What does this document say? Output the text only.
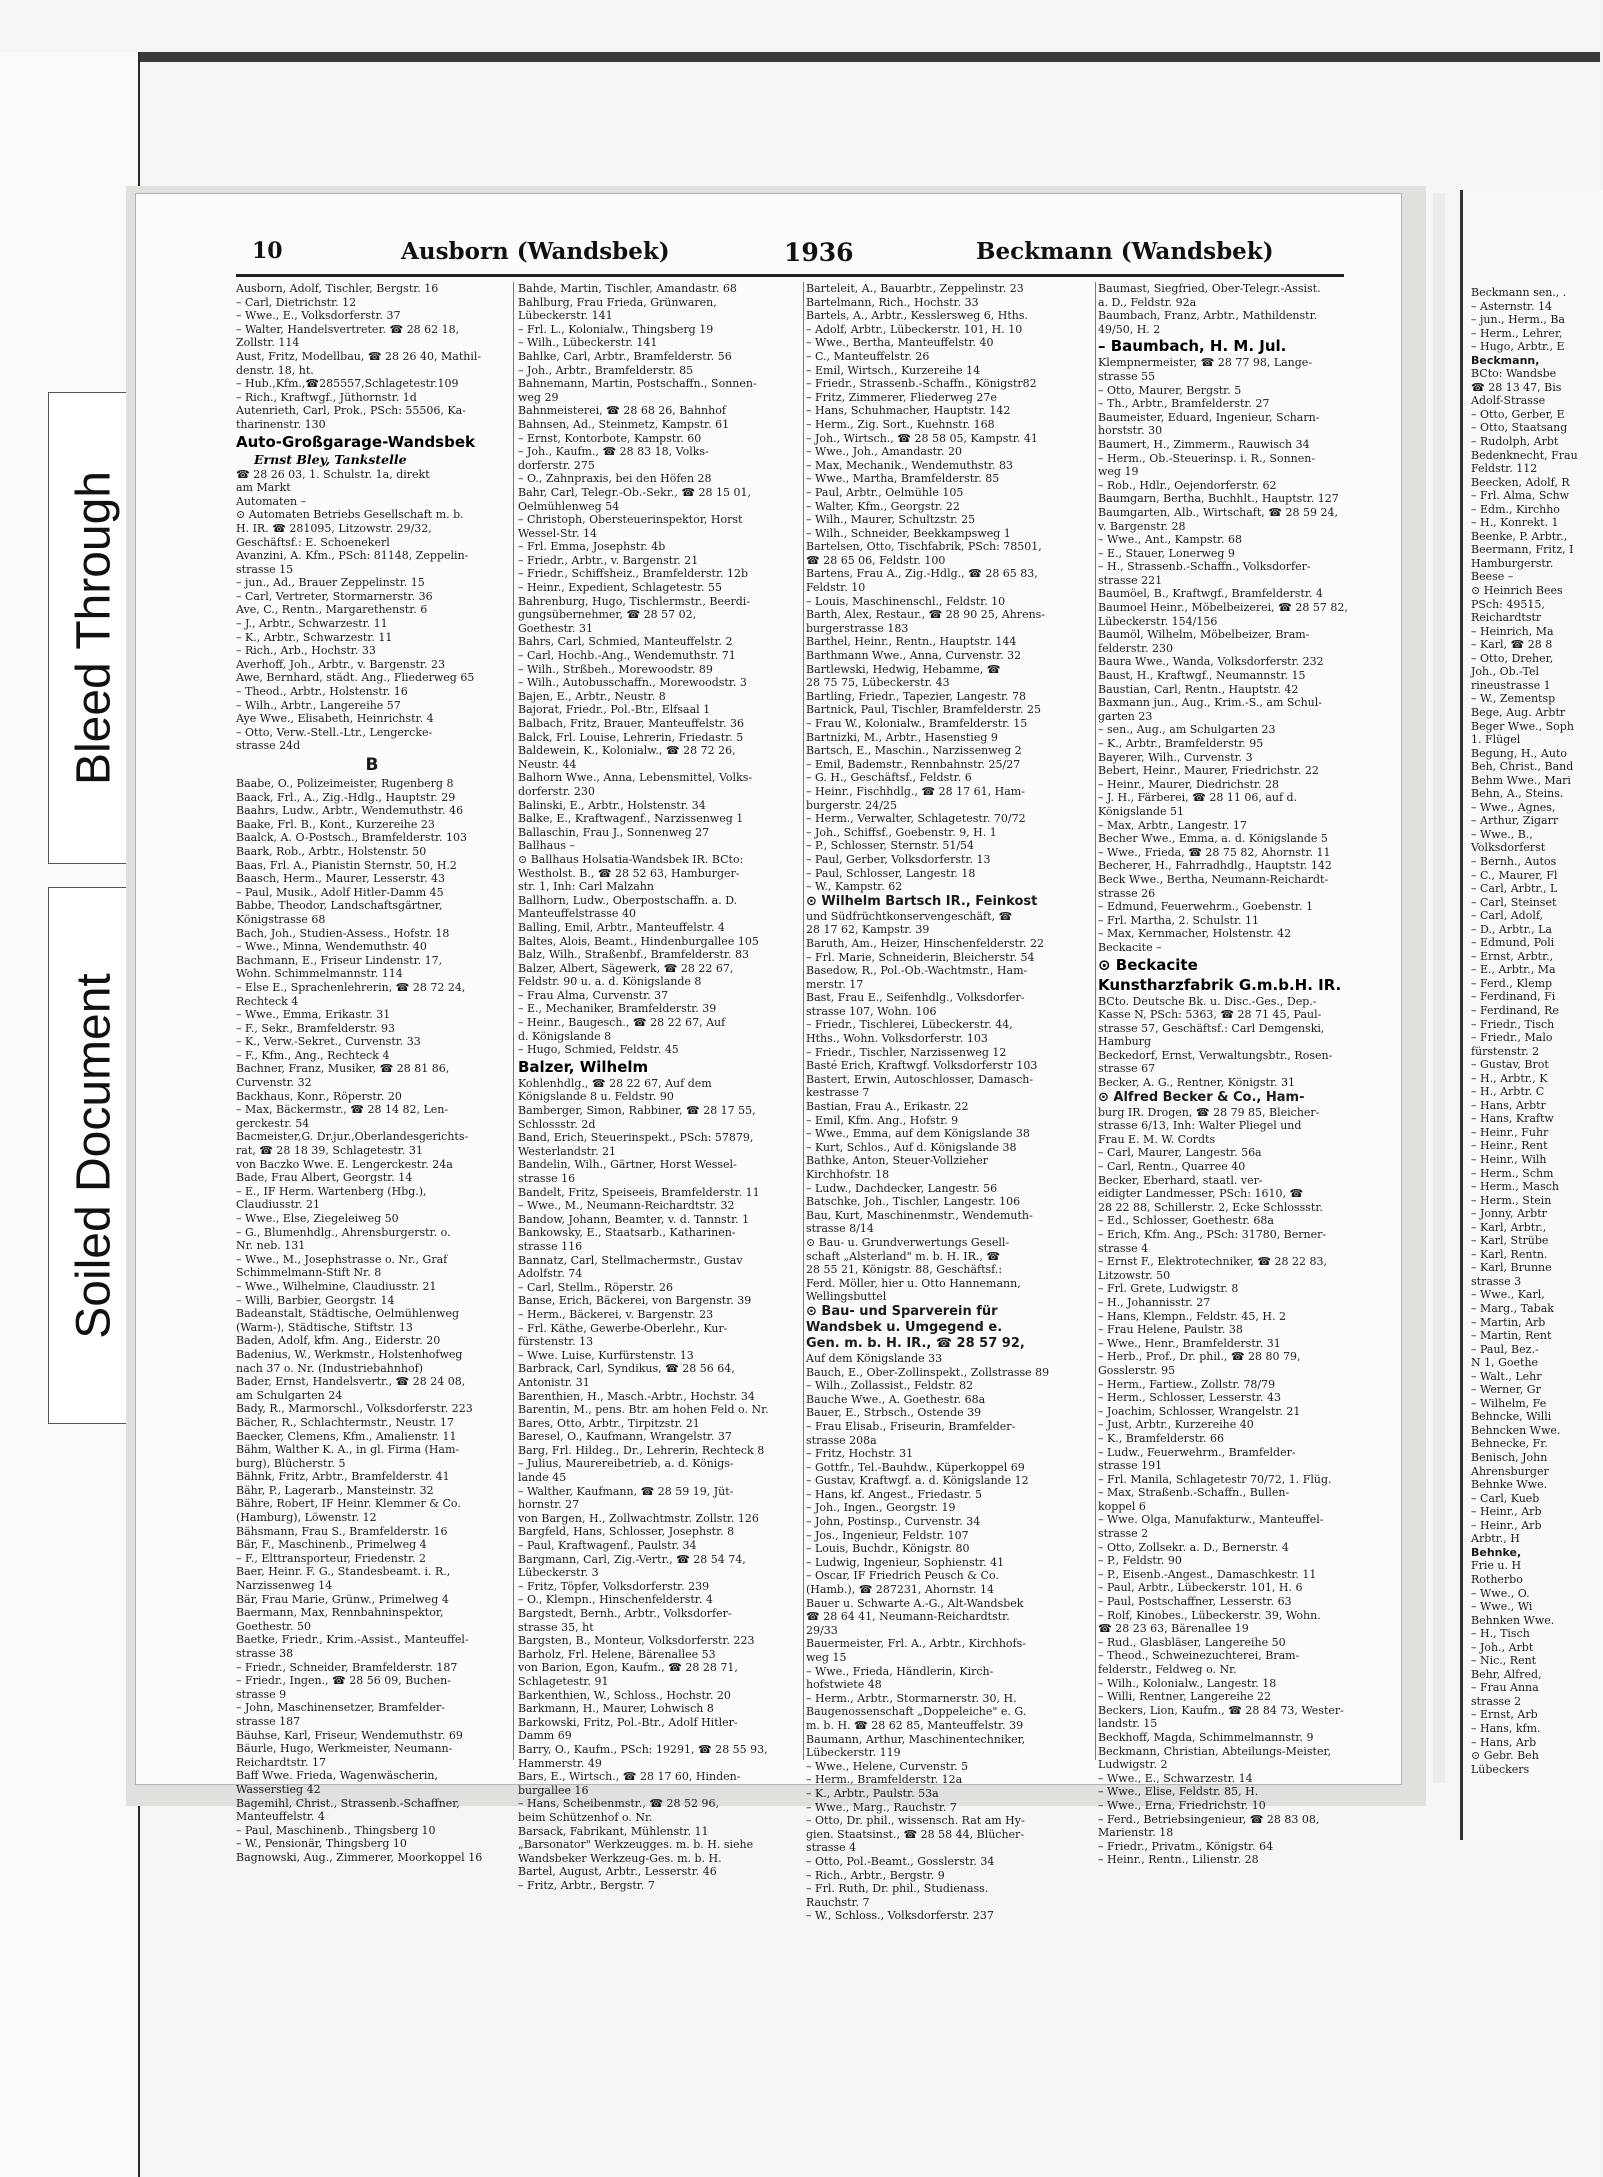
Bleed Through
Soiled Document
10	Ausborn (Wandsbek)	1936	Beckmann (Wandsbek)
Ausborn, Adolf, Tischler, Bergstr. 16
– Carl, Dietrichstr. 12
– Wwe., E., Volksdorferstr. 37
– Walter, Handelsvertreter. ☎ 28 62 18,
Zollstr. 114
Aust, Fritz, Modellbau, ☎ 28 26 40, Mathil-
denstr. 18, ht.
– Hub.,Kfm.,☎285557,Schlagetestr.109
– Rich., Kraftwgf., Jüthornstr. 1d
Autenrieth, Carl, Prok., PSch: 55506, Ka-
tharinenstr. 130
Auto-Großgarage-Wandsbek
Ernst Bley, Tankstelle
☎ 28 26 03, 1. Schulstr. 1a, direkt
am Markt
Automaten –
⊙ Automaten Betriebs Gesellschaft m. b.
H. IR. ☎ 281095, Litzowstr. 29/32,
Geschäftsf.: E. Schoenekerl
Avanzini, A. Kfm., PSch: 81148, Zeppelin-
strasse 15
– jun., Ad., Brauer Zeppelinstr. 15
– Carl, Vertreter, Stormarnerstr. 36
Ave, C., Rentn., Margarethenstr. 6
– J., Arbtr., Schwarzestr. 11
– K., Arbtr., Schwarzestr. 11
– Rich., Arb., Hochstr. 33
Averhoff, Joh., Arbtr., v. Bargenstr. 23
Awe, Bernhard, städt. Ang., Fliederweg 65
– Theod., Arbtr., Holstenstr. 16
– Wilh., Arbtr., Langereihe 57
Aye Wwe., Elisabeth, Heinrichstr. 4
– Otto, Verw.-Stell.-Ltr., Lengercke-
strasse 24d
B
Baabe, O., Polizeimeister, Rugenberg 8
Baack, Frl., A., Zig.-Hdlg., Hauptstr. 29
Baahrs, Ludw., Arbtr., Wendemuthstr. 46
Baake, Frl. B., Kont., Kurzereihe 23
Baalck, A. O-Postsch., Bramfelderstr. 103
Baark, Rob., Arbtr., Holstenstr. 50
Baas, Frl. A., Pianistin Sternstr. 50, H.2
Baasch, Herm., Maurer, Lesserstr. 43
– Paul, Musik., Adolf Hitler-Damm 45
Babbe, Theodor, Landschaftsgärtner,
Königstrasse 68
Bach, Joh., Studien-Assess., Hofstr. 18
– Wwe., Minna, Wendemuthstr. 40
Bachmann, E., Friseur Lindenstr. 17,
Wohn. Schimmelmannstr. 114
– Else E., Sprachenlehrerin, ☎ 28 72 24,
Rechteck 4
– Wwe., Emma, Erikastr. 31
– F., Sekr., Bramfelderstr. 93
– K., Verw.-Sekret., Curvenstr. 33
– F., Kfm., Ang., Rechteck 4
Bachner, Franz, Musiker, ☎ 28 81 86,
Curvenstr. 32
Backhaus, Konr., Röperstr. 20
– Max, Bäckermstr., ☎ 28 14 82, Len-
gerckestr. 54
Bacmeister,G. Dr.jur.,Oberlandesgerichts-
rat, ☎ 28 18 39, Schlagetestr. 31
von Baczko Wwe. E. Lengerckestr. 24a
Bade, Frau Albert, Georgstr. 14
– E., IF Herm. Wartenberg (Hbg.),
Claudiusstr. 21
– Wwe., Else, Ziegeleiweg 50
– G., Blumenhdlg., Ahrensburgerstr. o.
Nr. neb. 131
– Wwe., M., Josephstrasse o. Nr., Graf
Schimmelmann-Stift Nr. 8
– Wwe., Wilhelmine, Claudiusstr. 21
– Willi, Barbier, Georgstr. 14
Badeanstalt, Städtische, Oelmühlenweg
(Warm-), Städtische, Stiftstr. 13
Baden, Adolf, kfm. Ang., Eiderstr. 20
Badenius, W., Werkmstr., Holstenhofweg
nach 37 o. Nr. (Industriebahnhof)
Bader, Ernst, Handelsvertr., ☎ 28 24 08,
am Schulgarten 24
Bady, R., Marmorschl., Volksdorferstr. 223
Bächer, R., Schlachtermstr., Neustr. 17
Baecker, Clemens, Kfm., Amalienstr. 11
Bähm, Walther K. A., in gl. Firma (Ham-
burg), Blücherstr. 5
Bähnk, Fritz, Arbtr., Bramfelderstr. 41
Bähr, P., Lagerarb., Mansteinstr. 32
Bähre, Robert, IF Heinr. Klemmer & Co.
(Hamburg), Löwenstr. 12
Bähsmann, Frau S., Bramfelderstr. 16
Bär, F., Maschinenb., Primelweg 4
– F., Elttransporteur, Friedenstr. 2
Baer, Heinr. F. G., Standesbeamt. i. R.,
Narzissenweg 14
Bär, Frau Marie, Grünw., Primelweg 4
Baermann, Max, Rennbahninspektor,
Goethestr. 50
Baetke, Friedr., Krim.-Assist., Manteuffel-
strasse 38
– Friedr., Schneider, Bramfelderstr. 187
– Friedr., Ingen., ☎ 28 56 09, Buchen-
strasse 9
– John, Maschinensetzer, Bramfelder-
strasse 187
Bäuhse, Karl, Friseur, Wendemuthstr. 69
Bäurle, Hugo, Werkmeister, Neumann-
Reichardtstr. 17
Baff Wwe. Frieda, Wagenwäscherin,
Wasserstieg 42
Bagemihl, Christ., Strassenb.-Schaffner,
Manteuffelstr. 4
– Paul, Maschinenb., Thingsberg 10
– W., Pensionär, Thingsberg 10
Bagnowski, Aug., Zimmerer, Moorkoppel 16
Bahde, Martin, Tischler, Amandastr. 68
Bahlburg, Frau Frieda, Grünwaren,
Lübeckerstr. 141
– Frl. L., Kolonialw., Thingsberg 19
– Wilh., Lübeckerstr. 141
Bahlke, Carl, Arbtr., Bramfelderstr. 56
– Joh., Arbtr., Bramfelderstr. 85
Bahnemann, Martin, Postschaffn., Sonnen-
weg 29
Bahnmeisterei, ☎ 28 68 26, Bahnhof
Bahnsen, Ad., Steinmetz, Kampstr. 61
– Ernst, Kontorbote, Kampstr. 60
– Joh., Kaufm., ☎ 28 83 18, Volks-
dorferstr. 275
– O., Zahnpraxis, bei den Höfen 28
Bahr, Carl, Telegr.-Ob.-Sekr., ☎ 28 15 01,
Oelmühlenweg 54
– Christoph, Obersteuerinspektor, Horst
Wessel-Str. 14
– Frl. Emma, Josephstr. 4b
– Friedr., Arbtr., v. Bargenstr. 21
– Friedr., Schiffsheiz., Bramfelderstr. 12b
– Heinr., Expedient, Schlagetestr. 55
Bahrenburg, Hugo, Tischlermstr., Beerdi-
gungsübernehmer, ☎ 28 57 02,
Goethestr. 31
Bahrs, Carl, Schmied, Manteuffelstr. 2
– Carl, Hochb.-Ang., Wendemuthstr. 71
– Wilh., Strßbeh., Morewoodstr. 89
– Wilh., Autobusschaffn., Morewoodstr. 3
Bajen, E., Arbtr., Neustr. 8
Bajorat, Friedr., Pol.-Btr., Elfsaal 1
Balbach, Fritz, Brauer, Manteuffelstr. 36
Balck, Frl. Louise, Lehrerin, Friedastr. 5
Baldewein, K., Kolonialw., ☎ 28 72 26,
Neustr. 44
Balhorn Wwe., Anna, Lebensmittel, Volks-
dorferstr. 230
Balinski, E., Arbtr., Holstenstr. 34
Balke, E., Kraftwagenf., Narzissenweg 1
Ballaschin, Frau J., Sonnenweg 27
Ballhaus –
⊙ Ballhaus Holsatia-Wandsbek IR. BCto:
Westholst. B., ☎ 28 52 63, Hamburger-
str. 1, Inh: Carl Malzahn
Ballhorn, Ludw., Oberpostschaffn. a. D.
Manteuffelstrasse 40
Balling, Emil, Arbtr., Manteuffelstr. 4
Baltes, Alois, Beamt., Hindenburgallee 105
Balz, Wilh., Straßenbf., Bramfelderstr. 83
Balzer, Albert, Sägewerk, ☎ 28 22 67,
Feldstr. 90 u. a. d. Königslande 8
– Frau Alma, Curvenstr. 37
– E., Mechaniker, Bramfelderstr. 39
– Heinr., Baugesch., ☎ 28 22 67, Auf
d. Königslande 8
– Hugo, Schmied, Feldstr. 45
Balzer, Wilhelm
Kohlenhdlg., ☎ 28 22 67, Auf dem
Königslande 8 u. Feldstr. 90
Bamberger, Simon, Rabbiner, ☎ 28 17 55,
Schlossstr. 2d
Band, Erich, Steuerinspekt., PSch: 57879,
Westerlandstr. 21
Bandelin, Wilh., Gärtner, Horst Wessel-
strasse 16
Bandelt, Fritz, Speiseeis, Bramfelderstr. 11
– Wwe., M., Neumann-Reichardtstr. 32
Bandow, Johann, Beamter, v. d. Tannstr. 1
Bankowsky, E., Staatsarb., Katharinen-
strasse 116
Bannatz, Carl, Stellmachermstr., Gustav
Adolfstr. 74
– Carl, Stellm., Röperstr. 26
Banse, Erich, Bäckerei, von Bargenstr. 39
– Herm., Bäckerei, v. Bargenstr. 23
– Frl. Käthe, Gewerbe-Oberlehr., Kur-
fürstenstr. 13
– Wwe. Luise, Kurfürstenstr. 13
Barbrack, Carl, Syndikus, ☎ 28 56 64,
Antonistr. 31
Barenthien, H., Masch.-Arbtr., Hochstr. 34
Barentin, M., pens. Btr. am hohen Feld o. Nr.
Bares, Otto, Arbtr., Tirpitzstr. 21
Baresel, O., Kaufmann, Wrangelstr. 37
Barg, Frl. Hildeg., Dr., Lehrerin, Rechteck 8
– Julius, Maurereibetrieb, a. d. Königs-
lande 45
– Walther, Kaufmann, ☎ 28 59 19, Jüt-
hornstr. 27
von Bargen, H., Zollwachtmstr. Zollstr. 126
Bargfeld, Hans, Schlosser, Josephstr. 8
– Paul, Kraftwagenf., Paulstr. 34
Bargmann, Carl, Zig.-Vertr., ☎ 28 54 74,
Lübeckerstr. 3
– Fritz, Töpfer, Volksdorferstr. 239
– O., Klempn., Hinschenfelderstr. 4
Bargstedt, Bernh., Arbtr., Volksdorfer-
strasse 35, ht
Bargsten, B., Monteur, Volksdorferstr. 223
Barholz, Frl. Helene, Bärenallee 53
von Barion, Egon, Kaufm., ☎ 28 28 71,
Schlagetestr. 91
Barkenthien, W., Schloss., Hochstr. 20
Barkmann, H., Maurer, Lohwisch 8
Barkowski, Fritz, Pol.-Btr., Adolf Hitler-
Damm 69
Barry, O., Kaufm., PSch: 19291, ☎ 28 55 93,
Hammerstr. 49
Bars, E., Wirtsch., ☎ 28 17 60, Hinden-
burgallee 16
– Hans, Scheibenmstr., ☎ 28 52 96,
beim Schützenhof o. Nr.
Barsack, Fabrikant, Mühlenstr. 11
„Barsonator" Werkzeugges. m. b. H. siehe
Wandsbeker Werkzeug-Ges. m. b. H.
Bartel, August, Arbtr., Lesserstr. 46
– Fritz, Arbtr., Bergstr. 7
Barteleit, A., Bauarbtr., Zeppelinstr. 23
Bartelmann, Rich., Hochstr. 33
Bartels, A., Arbtr., Kesslersweg 6, Hths.
– Adolf, Arbtr., Lübeckerstr. 101, H. 10
– Wwe., Bertha, Manteuffelstr. 40
– C., Manteuffelstr. 26
– Emil, Wirtsch., Kurzereihe 14
– Friedr., Strassenb.-Schaffn., Königstr82
– Fritz, Zimmerer, Fliederweg 27e
– Hans, Schuhmacher, Hauptstr. 142
– Herm., Zig. Sort., Kuehnstr. 168
– Joh., Wirtsch., ☎ 28 58 05, Kampstr. 41
– Wwe., Joh., Amandastr. 20
– Max, Mechanik., Wendemuthstr. 83
– Wwe., Martha, Bramfelderstr. 85
– Paul, Arbtr., Oelmühle 105
– Walter, Kfm., Georgstr. 22
– Wilh., Maurer, Schultzstr. 25
– Wilh., Schneider, Beekkampsweg 1
Bartelsen, Otto, Tischfabrik, PSch: 78501,
☎ 28 65 06, Feldstr. 100
Bartens, Frau A., Zig.-Hdlg., ☎ 28 65 83,
Feldstr. 10
– Louis, Maschinenschl., Feldstr. 10
Barth, Alex, Restaur., ☎ 28 90 25, Ahrens-
burgerstrasse 183
Barthel, Heinr., Rentn., Hauptstr. 144
Barthmann Wwe., Anna, Curvenstr. 32
Bartlewski, Hedwig, Hebamme, ☎
28 75 75, Lübeckerstr. 43
Bartling, Friedr., Tapezier, Langestr. 78
Bartnick, Paul, Tischler, Bramfelderstr. 25
– Frau W., Kolonialw., Bramfelderstr. 15
Bartnizki, M., Arbtr., Hasenstieg 9
Bartsch, E., Maschin., Narzissenweg 2
– Emil, Bademstr., Rennbahnstr. 25/27
– G. H., Geschäftsf., Feldstr. 6
– Heinr., Fischhdlg., ☎ 28 17 61, Ham-
burgerstr. 24/25
– Herm., Verwalter, Schlagetestr. 70/72
– Joh., Schiffsf., Goebenstr. 9, H. 1
– P., Schlosser, Sternstr. 51/54
– Paul, Gerber, Volksdorferstr. 13
– Paul, Schlosser, Langestr. 18
– W., Kampstr. 62
⊙ Wilhelm Bartsch IR., Feinkost
und Südfrüchtkonservengeschäft, ☎
28 17 62, Kampstr. 39
Baruth, Am., Heizer, Hinschenfelderstr. 22
– Frl. Marie, Schneiderin, Bleicherstr. 54
Basedow, R., Pol.-Ob.-Wachtmstr., Ham-
merstr. 17
Bast, Frau E., Seifenhdlg., Volksdorfer-
strasse 107, Wohn. 106
– Friedr., Tischlerei, Lübeckerstr. 44,
Hths., Wohn. Volksdorferstr. 103
– Friedr., Tischler, Narzissenweg 12
Basté Erich, Kraftwgf. Volksdorferstr 103
Bastert, Erwin, Autoschlosser, Damasch-
kestrasse 7
Bastian, Frau A., Erikastr. 22
– Emil, Kfm. Ang., Hofstr. 9
– Wwe., Emma, auf dem Königslande 38
– Kurt, Schlos., Auf d. Königslande 38
Bathke, Anton, Steuer-Vollzieher
Kirchhofstr. 18
– Ludw., Dachdecker, Langestr. 56
Batschke, Joh., Tischler, Langestr. 106
Bau, Kurt, Maschinenmstr., Wendemuth-
strasse 8/14
⊙ Bau- u. Grundverwertungs Gesell-
schaft „Alsterland" m. b. H. IR., ☎
28 55 21, Königstr. 88, Geschäftsf.:
Ferd. Möller, hier u. Otto Hannemann,
Wellingsbuttel
⊙ Bau- und Sparverein für
Wandsbek u. Umgegend e.
Gen. m. b. H. IR., ☎ 28 57 92,
Auf dem Königslande 33
Bauch, E., Ober-Zollinspekt., Zollstrasse 89
– Wilh., Zollassist., Feldstr. 82
Bauche Wwe., A. Goethestr. 68a
Bauer, E., Strbsch., Ostende 39
– Frau Elisab., Friseurin, Bramfelder-
strasse 208a
– Fritz, Hochstr. 31
– Gottfr., Tel.-Bauhdw., Küperkoppel 69
– Gustav, Kraftwgf. a. d. Königslande 12
– Hans, kf. Angest., Friedastr. 5
– Joh., Ingen., Georgstr. 19
– John, Postinsp., Curvenstr. 34
– Jos., Ingenieur, Feldstr. 107
– Louis, Buchdr., Königstr. 80
– Ludwig, Ingenieur, Sophienstr. 41
– Oscar, IF Friedrich Peusch & Co.
(Hamb.), ☎ 287231, Ahornstr. 14
Bauer u. Schwarte A.-G., Alt-Wandsbek
☎ 28 64 41, Neumann-Reichardtstr.
29/33
Bauermeister, Frl. A., Arbtr., Kirchhofs-
weg 15
– Wwe., Frieda, Händlerin, Kirch-
hofstwiete 48
– Herm., Arbtr., Stormarnerstr. 30, H.
Baugenossenschaft „Doppeleiche" e. G.
m. b. H. ☎ 28 62 85, Manteuffelstr. 39
Baumann, Arthur, Maschinentechniker,
Lübeckerstr. 119
– Wwe., Helene, Curvenstr. 5
– Herm., Bramfelderstr. 12a
– K., Arbtr., Paulstr. 53a
– Wwe., Marg., Rauchstr. 7
– Otto, Dr. phil., wissensch. Rat am Hy-
gien. Staatsinst., ☎ 28 58 44, Blücher-
strasse 4
– Otto, Pol.-Beamt., Gosslerstr. 34
– Rich., Arbtr., Bergstr. 9
– Frl. Ruth, Dr. phil., Studienass.
Rauchstr. 7
– W., Schloss., Volksdorferstr. 237
Baumast, Siegfried, Ober-Telegr.-Assist.
a. D., Feldstr. 92a
Baumbach, Franz, Arbtr., Mathildenstr.
49/50, H. 2
– Baumbach, H. M. Jul.
Klempnermeister, ☎ 28 77 98, Lange-
strasse 55
– Otto, Maurer, Bergstr. 5
– Th., Arbtr., Bramfelderstr. 27
Baumeister, Eduard, Ingenieur, Scharn-
horststr. 30
Baumert, H., Zimmerm., Rauwisch 34
– Herm., Ob.-Steuerinsp. i. R., Sonnen-
weg 19
– Rob., Hdlr., Oejendorferstr. 62
Baumgarn, Bertha, Buchhlt., Hauptstr. 127
Baumgarten, Alb., Wirtschaft, ☎ 28 59 24,
v. Bargenstr. 28
– Wwe., Ant., Kampstr. 68
– E., Stauer, Lonerweg 9
– H., Strassenb.-Schaffn., Volksdorfer-
strasse 221
Baumöel, B., Kraftwgf., Bramfelderstr. 4
Baumoel Heinr., Möbelbeizerei, ☎ 28 57 82,
Lübeckerstr. 154/156
Baumöl, Wilhelm, Möbelbeizer, Bram-
felderstr. 230
Baura Wwe., Wanda, Volksdorferstr. 232
Baust, H., Kraftwgf., Neumannstr. 15
Baustian, Carl, Rentn., Hauptstr. 42
Baxmann jun., Aug., Krim.-S., am Schul-
garten 23
– sen., Aug., am Schulgarten 23
– K., Arbtr., Bramfelderstr. 95
Bayerer, Wilh., Curvenstr. 3
Bebert, Heinr., Maurer, Friedrichstr. 22
– Heinr., Maurer, Diedrichstr. 28
– J. H., Färberei, ☎ 28 11 06, auf d.
Königslande 51
– Max, Arbtr., Langestr. 17
Becher Wwe., Emma, a. d. Königslande 5
– Wwe., Frieda, ☎ 28 75 82, Ahornstr. 11
Becherer, H., Fahrradhdlg., Hauptstr. 142
Beck Wwe., Bertha, Neumann-Reichardt-
strasse 26
– Edmund, Feuerwehrm., Goebenstr. 1
– Frl. Martha, 2. Schulstr. 11
– Max, Kernmacher, Holstenstr. 42
Beckacite –
⊙ Beckacite
Kunstharzfabrik G.m.b.H. IR.
BCto. Deutsche Bk. u. Disc.-Ges., Dep.-
Kasse N, PSch: 5363, ☎ 28 71 45, Paul-
strasse 57, Geschäftsf.: Carl Demgenski,
Hamburg
Beckedorf, Ernst, Verwaltungsbtr., Rosen-
strasse 67
Becker, A. G., Rentner, Königstr. 31
⊙ Alfred Becker & Co., Ham-
burg IR. Drogen, ☎ 28 79 85, Bleicher-
strasse 6/13, Inh: Walter Pliegel und
Frau E. M. W. Cordts
– Carl, Maurer, Langestr. 56a
– Carl, Rentn., Quarree 40
Becker, Eberhard, staatl. ver-
eidigter Landmesser, PSch: 1610, ☎
28 22 88, Schillerstr. 2, Ecke Schlossstr.
– Ed., Schlosser, Goethestr. 68a
– Erich, Kfm. Ang., PSch: 31780, Berner-
strasse 4
– Ernst F., Elektrotechniker, ☎ 28 22 83,
Litzowstr. 50
– Frl. Grete, Ludwigstr. 8
– H., Johannisstr. 27
– Hans, Klempn., Feldstr. 45, H. 2
– Frau Helene, Paulstr. 38
– Wwe., Henr., Bramfelderstr. 31
– Herb., Prof., Dr. phil., ☎ 28 80 79,
Gosslerstr. 95
– Herm., Fartiew., Zollstr. 78/79
– Herm., Schlosser, Lesserstr. 43
– Joachim, Schlosser, Wrangelstr. 21
– Just, Arbtr., Kurzereihe 40
– K., Bramfelderstr. 66
– Ludw., Feuerwehrm., Bramfelder-
strasse 191
– Frl. Manila, Schlagetestr 70/72, 1. Flüg.
– Max, Straßenb.-Schaffn., Bullen-
koppel 6
– Wwe. Olga, Manufakturw., Manteuffel-
strasse 2
– Otto, Zollsekr. a. D., Bernerstr. 4
– P., Feldstr. 90
– P., Eisenb.-Angest., Damaschkestr. 11
– Paul, Arbtr., Lübeckerstr. 101, H. 6
– Paul, Postschaffner, Lesserstr. 63
– Rolf, Kinobes., Lübeckerstr. 39, Wohn.
☎ 28 23 63, Bärenallee 19
– Rud., Glasbläser, Langereihe 50
– Theod., Schweinezuchterei, Bram-
felderstr., Feldweg o. Nr.
– Wilh., Kolonialw., Langestr. 18
– Willi, Rentner, Langereihe 22
Beckers, Lion, Kaufm., ☎ 28 84 73, Wester-
landstr. 15
Beckhoff, Magda, Schimmelmannstr. 9
Beckmann, Christian, Abteilungs-Meister,
Ludwigstr. 2
– Wwe., E., Schwarzestr. 14
– Wwe., Elise, Feldstr. 85, H.
– Wwe., Erna, Friedrichstr. 10
– Ferd., Betriebsingenieur, ☎ 28 83 08,
Marienstr. 18
– Friedr., Privatm., Königstr. 64
– Heinr., Rentn., Lilienstr. 28
Beckmann sen., .
– Asternstr. 14
– jun., Herm., Ba
– Herm., Lehrer,
– Hugo, Arbtr., E
Beckmann,
BCto: Wandsbe
☎ 28 13 47, Bis
Adolf-Strasse
– Otto, Gerber, E
– Otto, Staatsang
– Rudolph, Arbt
Bedenknecht, Frau
Feldstr. 112
Beecken, Adolf, R
– Frl. Alma, Schw
– Edm., Kirchho
– H., Konrekt. 1
Beenke, P. Arbtr.,
Beermann, Fritz, I
Hamburgerstr.
Beese –
⊙ Heinrich Bees
PSch: 49515,
Reichardtstr
– Heinrich, Ma
– Karl, ☎ 28 8
– Otto, Dreher,
Joh., Ob.-Tel
rineustrasse 1
– W., Zementsp
Bege, Aug. Arbtr
Beger Wwe., Soph
1. Flügel
Begung, H., Auto
Beh, Christ., Band
Behm Wwe., Mari
Behn, A., Steins.
– Wwe., Agnes,
– Arthur, Zigarr
– Wwe., B.,
Volksdorferst
– Bernh., Autos
– C., Maurer, Fl
– Carl, Arbtr., L
– Carl, Steinset
– Carl, Adolf,
– D., Arbtr., La
– Edmund, Poli
– Ernst, Arbtr.,
– E., Arbtr., Ma
– Ferd., Klemp
– Ferdinand, Fi
– Ferdinand, Re
– Friedr., Tisch
– Friedr., Malo
fürstenstr. 2
– Gustav, Brot
– H., Arbtr., K
– H., Arbtr. C
– Hans, Arbtr
– Hans, Kraftw
– Heinr., Fuhr
– Heinr., Rent
– Heinr., Wilh
– Herm., Schm
– Herm., Masch
– Herm., Stein
– Jonny, Arbtr
– Karl, Arbtr.,
– Karl, Strübe
– Karl, Rentn.
– Karl, Brunne
strasse 3
– Wwe., Karl,
– Marg., Tabak
– Martin, Arb
– Martin, Rent
– Paul, Bez.-
N 1, Goethe
– Walt., Lehr
– Werner, Gr
– Wilhelm, Fe
Behncke, Willi
Behncken Wwe.
Behnecke, Fr.
Benisch, John
Ahrensburger
Behnke Wwe.
– Carl, Kueb
– Heinr., Arb
– Heinr., Arb
Arbtr., H
Behnke,
Frie u. H
Rotherbo
– Wwe., O.
– Wwe., Wi
Behnken Wwe.
– H., Tisch
– Joh., Arbt
– Nic., Rent
Behr, Alfred,
– Frau Anna
strasse 2
– Ernst, Arb
– Hans, kfm.
– Hans, Arb
⊙ Gebr. Beh
Lübeckers
